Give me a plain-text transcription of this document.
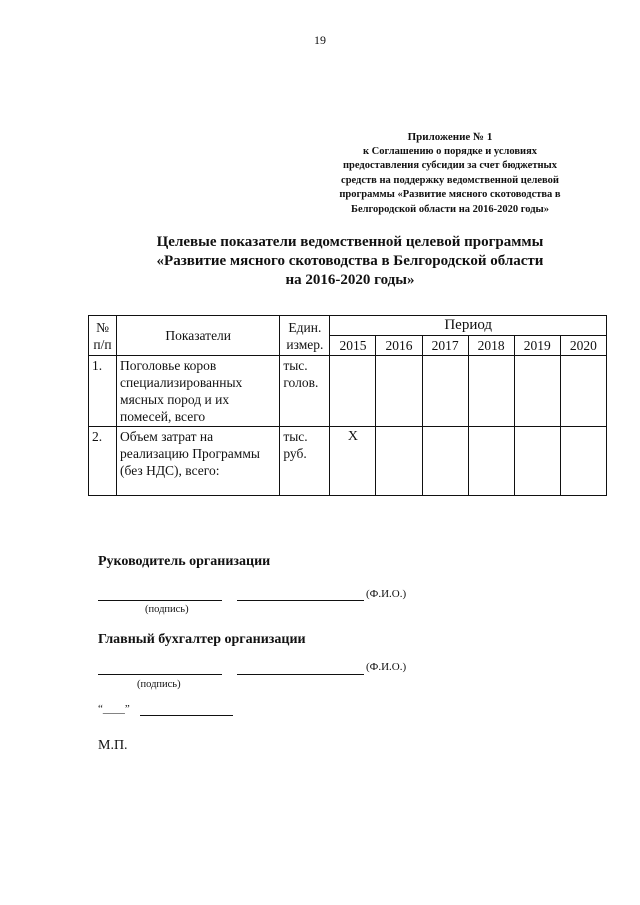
19
Приложение № 1
к Соглашению о порядке и условиях
предоставления субсидии за счет бюджетных
средств на поддержку ведомственной целевой
программы «Развитие мясного скотоводства в
Белгородской области на 2016-2020 годы»
Целевые показатели ведомственной целевой программы
«Развитие мясного скотоводства в Белгородской области
на 2016-2020 годы»
№ п/п	Показатели	Един. измер.	Период					
			2015	2016	2017	2018	2019	2020
1.	Поголовье коров специализированных мясных пород и их помесей, всего	тыс. голов.						
2.	Объем затрат на реализацию Программы (без НДС), всего:	тыс. руб.	Х					
Руководитель организации
(Ф.И.О.)
(подпись)
Главный бухгалтер организации
(Ф.И.О.)
(подпись)
“____”
М.П.
